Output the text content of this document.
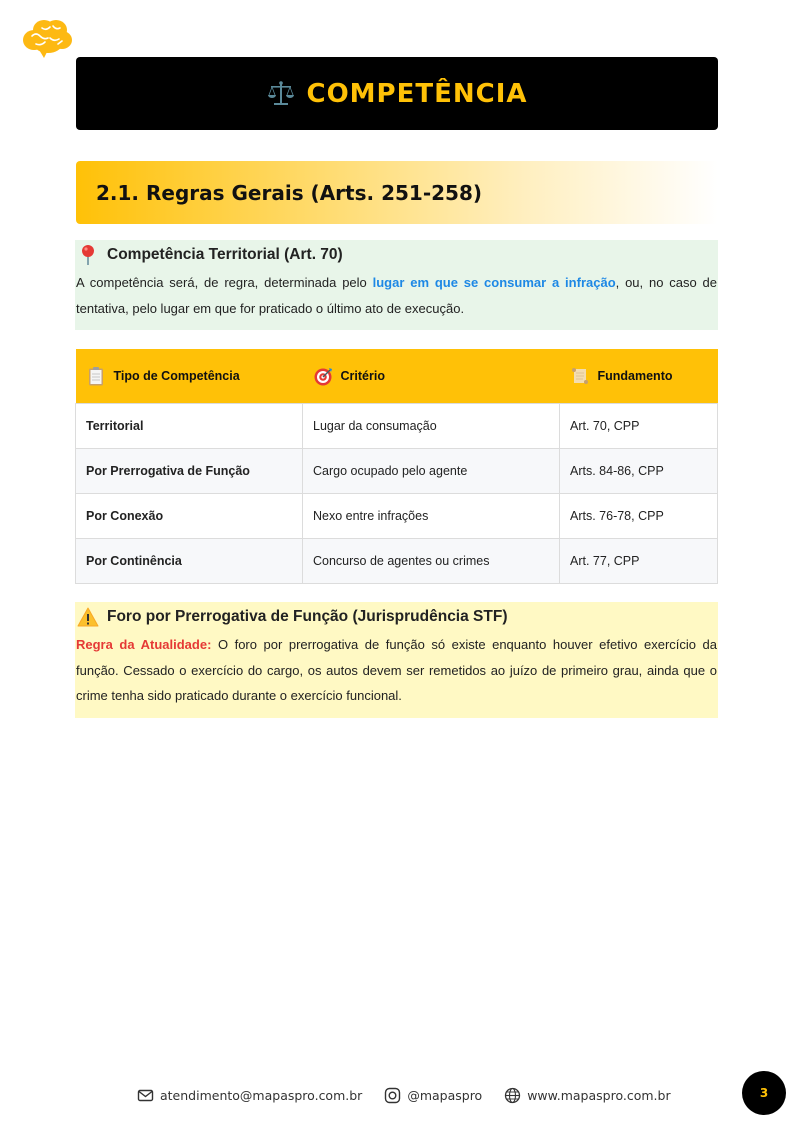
COMPETÊNCIA
2.1. Regras Gerais (Arts. 251-258)
Competência Territorial (Art. 70)
A competência será, de regra, determinada pelo lugar em que se consumar a infração, ou, no caso de tentativa, pelo lugar em que for praticado o último ato de execução.
Tipo de Competência	Critério	Fundamento

Territorial	Lugar da consumação	Art. 70, CPP
Por Prerrogativa de Função	Cargo ocupado pelo agente	Arts. 84-86, CPP
Por Conexão	Nexo entre infrações	Arts. 76-78, CPP
Por Continência	Concurso de agentes ou crimes	Art. 77, CPP
Foro por Prerrogativa de Função (Jurisprudência STF)
Regra da Atualidade: O foro por prerrogativa de função só existe enquanto houver efetivo exercício da função. Cessado o exercício do cargo, os autos devem ser remetidos ao juízo de primeiro grau, ainda que o crime tenha sido praticado durante o exercício funcional.
atendimento@mapaspro.com.br	@mapaspro	www.mapaspro.com.br	3
